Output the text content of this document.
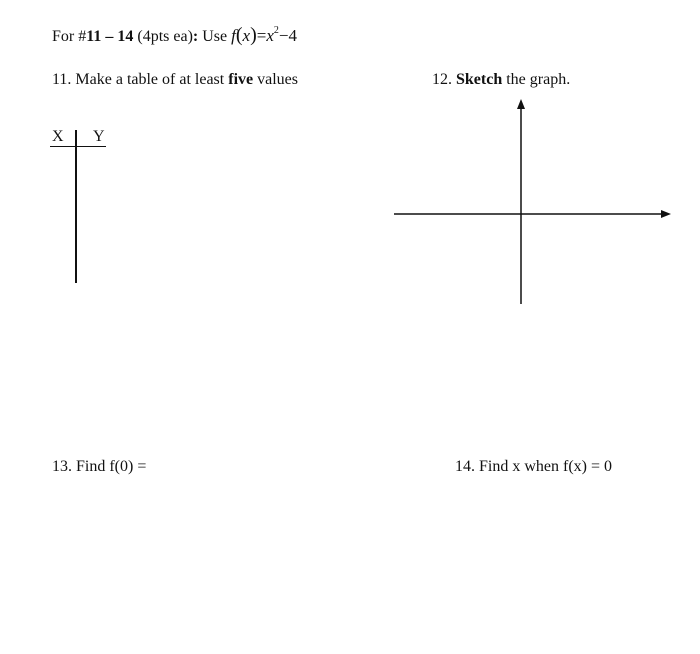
For #11 – 14 (4pts ea): Use $f(x)=x^2-4$
11. Make a table of at least five values
X Y
12. Sketch the graph.
13. Find f(0) =	14. Find x when f(x) = 0
